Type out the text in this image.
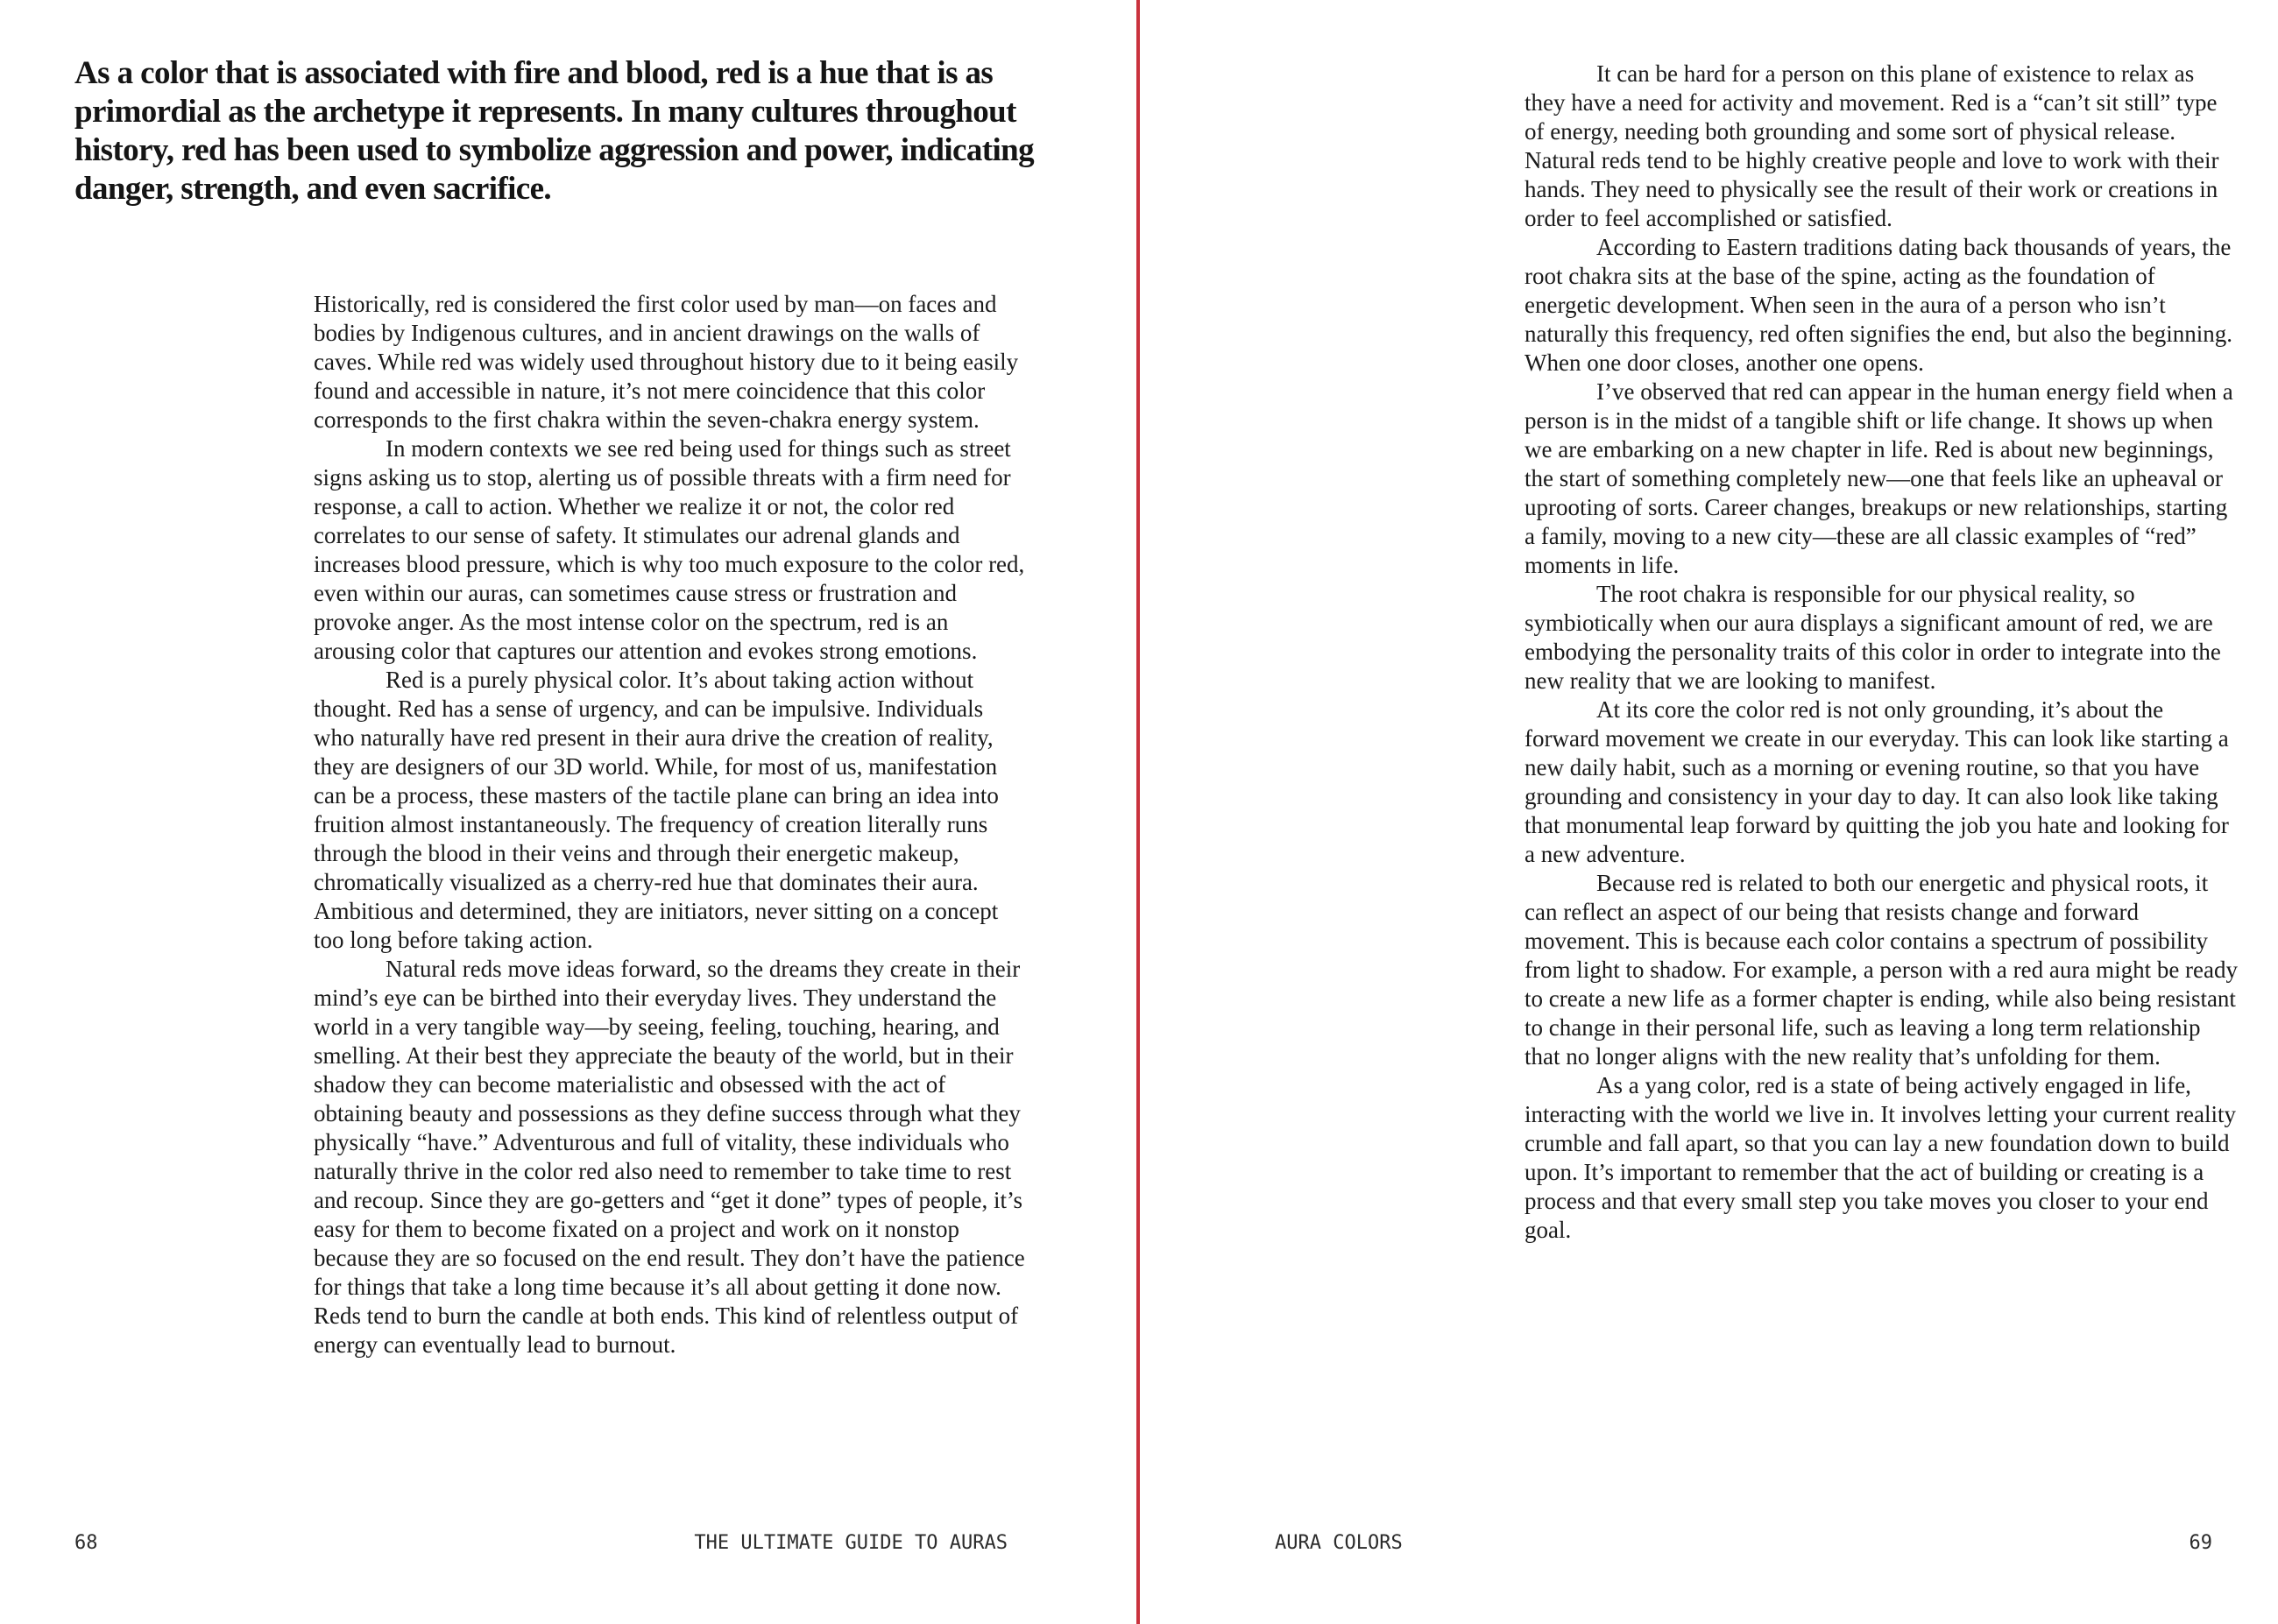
As a color that is associated with fire and blood, red is a hue that is as
primordial as the archetype it represents. In many cultures throughout
history, red has been used to symbolize aggression and power, indicating
danger, strength, and even sacrifice.

Historically, red is considered the first color used by man—on faces and bodies by Indigenous cultures, and in ancient drawings on the walls of caves. While red was widely used throughout history due to it being easily found and accessible in nature, it’s not mere coincidence that this color corresponds to the first chakra within the seven-chakra energy system.

In modern contexts we see red being used for things such as street signs asking us to stop, alerting us of possible threats with a firm need for response, a call to action. Whether we realize it or not, the color red correlates to our sense of safety. It stimulates our adrenal glands and increases blood pressure, which is why too much exposure to the color red, even within our auras, can sometimes cause stress or frustration and provoke anger. As the most intense color on the spectrum, red is an arousing color that captures our attention and evokes strong emotions.

Red is a purely physical color. It’s about taking action without thought. Red has a sense of urgency, and can be impulsive. Individuals who naturally have red present in their aura drive the creation of reality, they are designers of our 3D world. While, for most of us, manifestation can be a process, these masters of the tactile plane can bring an idea into fruition almost instantaneously. The frequency of creation literally runs through the blood in their veins and through their energetic makeup, chromatically visualized as a cherry-red hue that dominates their aura. Ambitious and determined, they are initiators, never sitting on a concept too long before taking action.

Natural reds move ideas forward, so the dreams they create in their mind’s eye can be birthed into their everyday lives. They understand the world in a very tangible way—by seeing, feeling, touching, hearing, and smelling. At their best they appreciate the beauty of the world, but in their shadow they can become materialistic and obsessed with the act of obtaining beauty and possessions as they define success through what they physically “have.” Adventurous and full of vitality, these individuals who naturally thrive in the color red also need to remember to take time to rest and recoup. Since they are go-getters and “get it done” types of people, it’s easy for them to become fixated on a project and work on it nonstop because they are so focused on the end result. They don’t have the patience for things that take a long time because it’s all about getting it done now. Reds tend to burn the candle at both ends. This kind of relentless output of energy can eventually lead to burnout.

68	THE ULTIMATE GUIDE TO AURAS

It can be hard for a person on this plane of existence to relax as they have a need for activity and movement. Red is a “can’t sit still” type of energy, needing both grounding and some sort of physical release. Natural reds tend to be highly creative people and love to work with their hands. They need to physically see the result of their work or creations in order to feel accomplished or satisfied.

According to Eastern traditions dating back thousands of years, the root chakra sits at the base of the spine, acting as the foundation of energetic development. When seen in the aura of a person who isn’t naturally this frequency, red often signifies the end, but also the beginning. When one door closes, another one opens.

I’ve observed that red can appear in the human energy field when a person is in the midst of a tangible shift or life change. It shows up when we are embarking on a new chapter in life. Red is about new beginnings, the start of something completely new—one that feels like an upheaval or uprooting of sorts. Career changes, breakups or new relationships, starting a family, moving to a new city—these are all classic examples of “red” moments in life.

The root chakra is responsible for our physical reality, so symbiotically when our aura displays a significant amount of red, we are embodying the personality traits of this color in order to integrate into the new reality that we are looking to manifest.

At its core the color red is not only grounding, it’s about the forward movement we create in our everyday. This can look like starting a new daily habit, such as a morning or evening routine, so that you have grounding and consistency in your day to day. It can also look like taking that monumental leap forward by quitting the job you hate and looking for a new adventure.

Because red is related to both our energetic and physical roots, it can reflect an aspect of our being that resists change and forward movement. This is because each color contains a spectrum of possibility from light to shadow. For example, a person with a red aura might be ready to create a new life as a former chapter is ending, while also being resistant to change in their personal life, such as leaving a long term relationship that no longer aligns with the new reality that’s unfolding for them.

As a yang color, red is a state of being actively engaged in life, interacting with the world we live in. It involves letting your current reality crumble and fall apart, so that you can lay a new foundation down to build upon. It’s important to remember that the act of building or creating is a process and that every small step you take moves you closer to your end goal.

AURA COLORS	69
